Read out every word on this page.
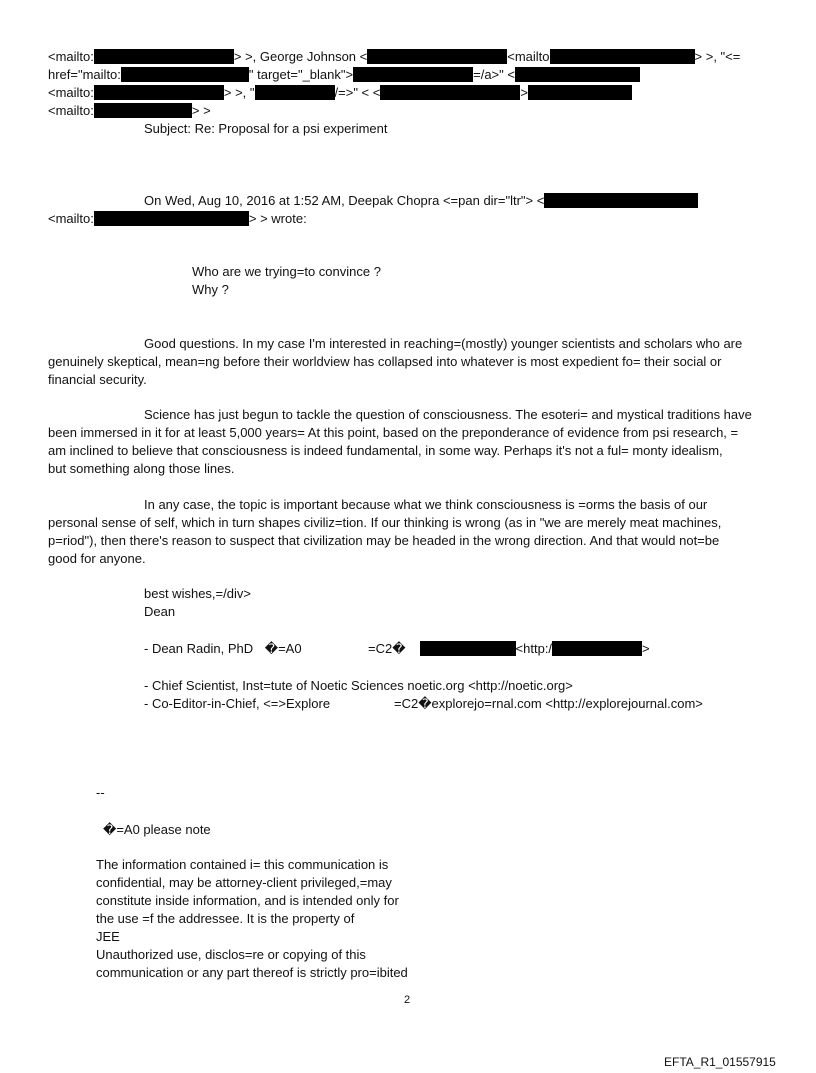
<mailto:	> >, George Johnson <	<mailto	> >, "<=
href="mailto:	" target="_blank">	=/a>" <
<mailto:	> >, "	/=>" < <	>
<mailto:	> >
Subject: Re: Proposal for a psi experiment
On Wed, Aug 10, 2016 at 1:52 AM, Deepak Chopra <=pan dir="ltr"> <
<mailto:	> > wrote:
Who are we trying=to convince ?
Why ?
Good questions. In my case I'm interested in reaching=(mostly) younger scientists and scholars who are
genuinely skeptical, mean=ng before their worldview has collapsed into whatever is most expedient fo= their social or
financial security.
Science has just begun to tackle the question of consciousness. The esoteri= and mystical traditions have
been immersed in it for at least 5,000 years= At this point, based on the preponderance of evidence from psi research, =
am inclined to believe that consciousness is indeed fundamental, in some way. Perhaps it's not a ful= monty idealism,
but something along those lines.
In any case, the topic is important because what we think consciousness is =orms the basis of our
personal sense of self, which in turn shapes civiliz=tion. If our thinking is wrong (as in "we are merely meat machines,
p=riod"), then there's reason to suspect that civilization may be headed in the wrong direction. And that would not=be
good for anyone.
best wishes,=/div>
Dean
- Dean Radin, PhD �=A0	=C2�	<http:/	>
- Chief Scientist, Inst=tute of Noetic Sciences noetic.org <http://noetic.org>
- Co-Editor-in-Chief, <=>Explore	=C2�explorejo=rnal.com <http://explorejournal.com>
--
�=A0 please note
The information contained i= this communication is
confidential, may be attorney-client privileged,=may
constitute inside information, and is intended only for
the use =f the addressee. It is the property of
JEE
Unauthorized use, disclos=re or copying of this
communication or any part thereof is strictly pro=ibited
2
EFTA_R1_01557915
